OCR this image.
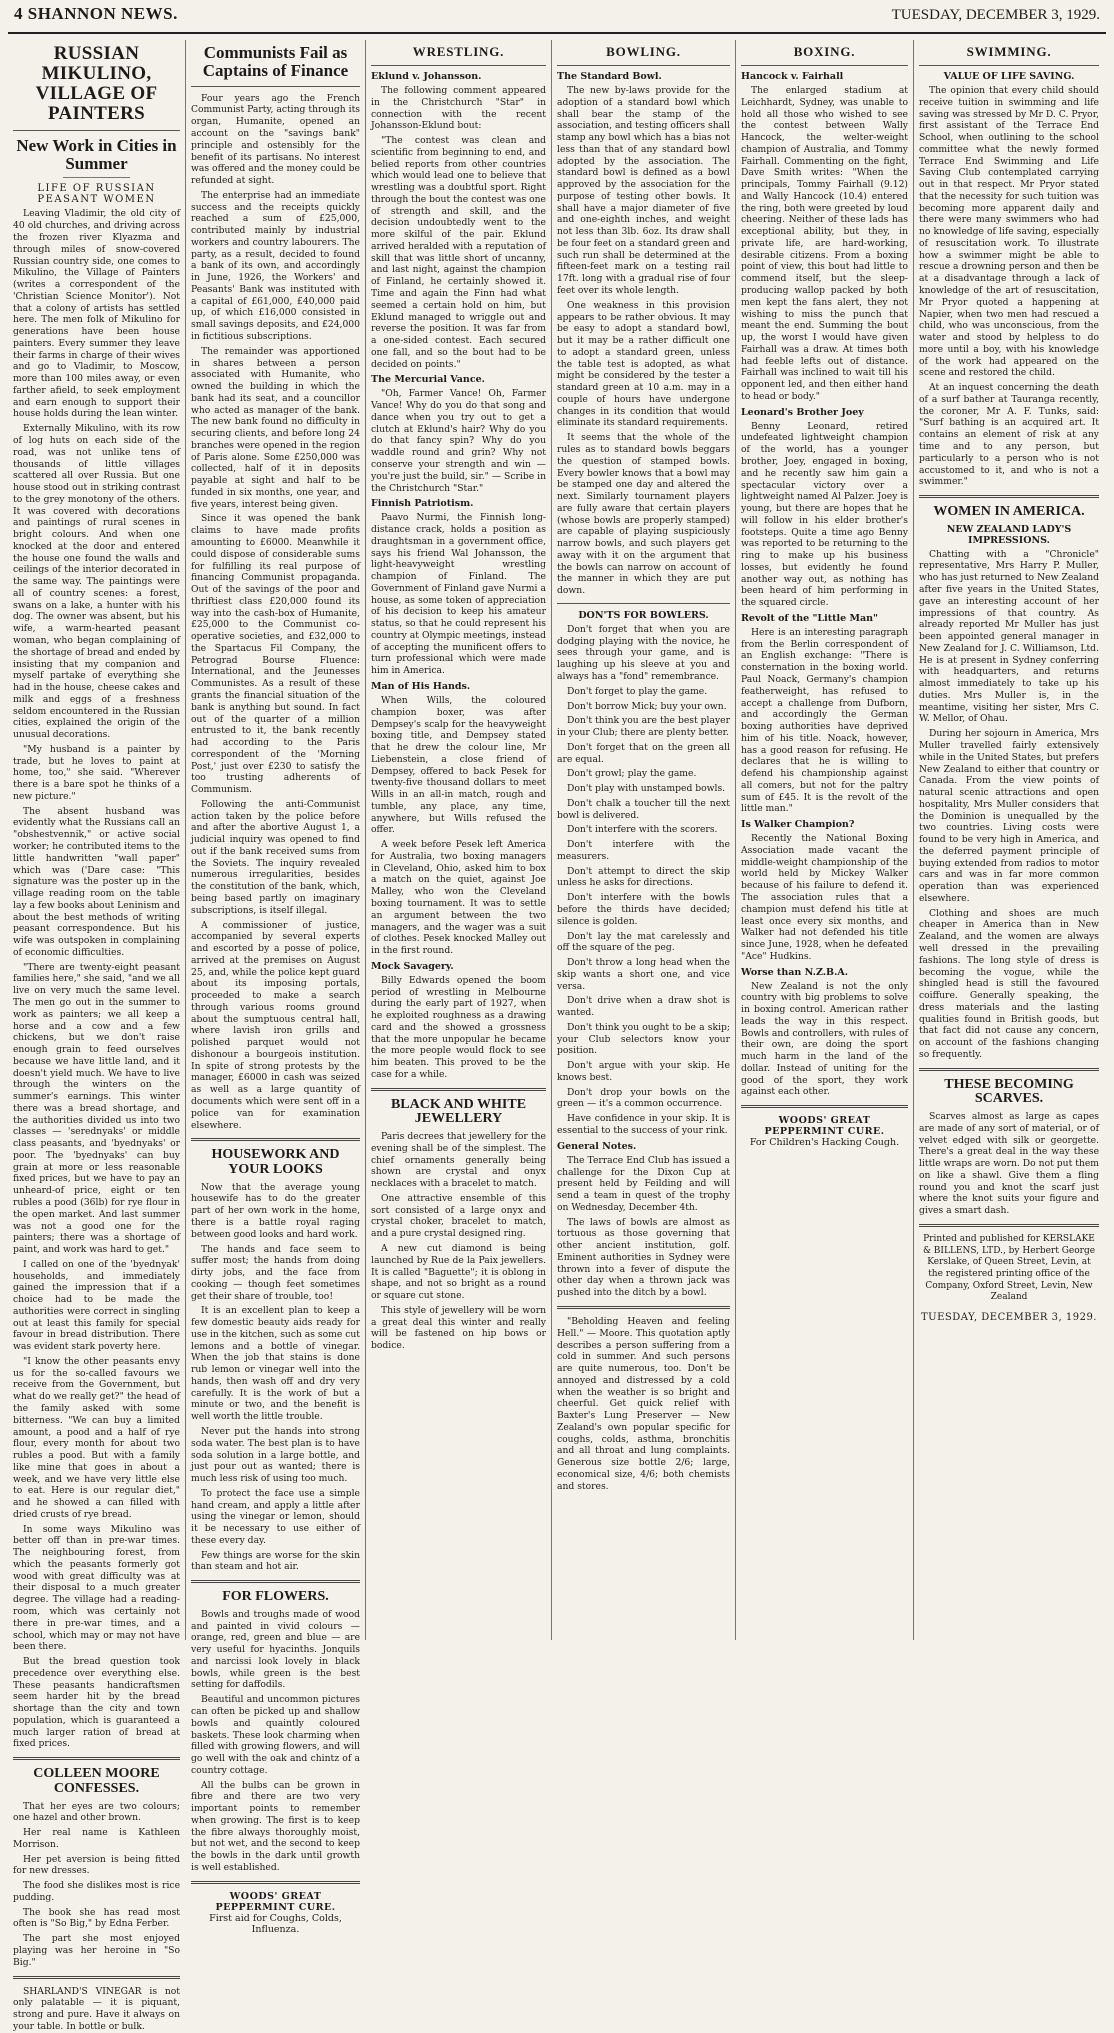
4 SHANNON NEWS.	TUESDAY, DECEMBER 3, 1929.
RUSSIAN MIKULINO, VILLAGE OF PAINTERS
New Work in Cities in Summer
LIFE OF RUSSIAN PEASANT WOMEN

Leaving Vladimir, the old city of 40 old churches, and driving across the frozen river Klyazma and through miles of snow-covered Russian country side, one comes to Mikulino, the Village of Painters (writes a correspondent of the 'Christian Science Monitor'). Not that a colony of artists has settled here. The men folk of Mikulino for generations have been house painters. Every summer they leave their farms in charge of their wives and go to Vladimir, to Moscow, more than 100 miles away, or even farther afield, to seek employment and earn enough to support their house holds during the lean winter.

Externally Mikulino, with its row of log huts on each side of the road, was not unlike tens of thousands of little villages scattered all over Russia. But one house stood out in striking contrast to the grey monotony of the others. It was covered with decorations and paintings of rural scenes in bright colours. And when one knocked at the door and entered the house one found the walls and ceilings of the interior decorated in the same way. The paintings were all of country scenes: a forest, swans on a lake, a hunter with his dog. The owner was absent, but his wife, a warm-hearted peasant woman, who began complaining of the shortage of bread and ended by insisting that my companion and myself partake of everything she had in the house, cheese cakes and milk and eggs of a freshness seldom encountered in the Russian cities, explained the origin of the unusual decorations.

"My husband is a painter by trade, but he loves to paint at home, too," she said. "Wherever there is a bare spot he thinks of a new picture."

The absent husband was evidently what the Russians call an "obshestvennik," or active social worker; he contributed items to the little handwritten "wall paper" which was ('Dare case: "This signature was the poster up in the village reading room on the table lay a few books about Leninism and about the best methods of writing peasant correspondence. But his wife was outspoken in complaining of economic difficulties.

"There are twenty-eight peasant families here," she said, "and we all live on very much the same level. The men go out in the summer to work as painters; we all keep a horse and a cow and a few chickens, but we don't raise enough grain to feed ourselves because we have little land, and it doesn't yield much. We have to live through the winters on the summer's earnings. This winter there was a bread shortage, and the authorities divided us into two classes — 'serednyaks' or middle class peasants, and 'byednyaks' or poor. The 'byednyaks' can buy grain at more or less reasonable fixed prices, but we have to pay an unheard-of price, eight or ten rubles a pood (36lb) for rye flour in the open market. And last summer was not a good one for the painters; there was a shortage of paint, and work was hard to get."

I called on one of the 'byednyak' households, and immediately gained the impression that if a choice had to be made the authorities were correct in singling out at least this family for special favour in bread distribution. There was evident stark poverty here.

"I know the other peasants envy us for the so-called favours we receive from the Government, but what do we really get?" the head of the family asked with some bitterness. "We can buy a limited amount, a pood and a half of rye flour, every month for about two rubles a pood. But with a family like mine that goes in about a week, and we have very little else to eat. Here is our regular diet," and he showed a can filled with dried crusts of rye bread.

In some ways Mikulino was better off than in pre-war times. The neighbouring forest, from which the peasants formerly got wood with great difficulty was at their disposal to a much greater degree. The village had a reading-room, which was certainly not there in pre-war times, and a school, which may or may not have been there.

But the bread question took precedence over everything else. These peasants handicraftsmen seem harder hit by the bread shortage than the city and town population, which is guaranteed a much larger ration of bread at fixed prices.

COLLEEN MOORE CONFESSES.

That her eyes are two colours; one hazel and other brown.

Her real name is Kathleen Morrison.

Her pet aversion is being fitted for new dresses.

The food she dislikes most is rice pudding.

The book she has read most often is "So Big," by Edna Ferber.

The part she most enjoyed playing was her heroine in "So Big."

SHARLAND'S VINEGAR is not only palatable — it is piquant, strong and pure. Have it always on your table. In bottle or bulk.

Communists Fail as Captains of Finance

Four years ago the French Communist Party, acting through its organ, Humanite, opened an account on the "savings bank" principle and ostensibly for the benefit of its partisans. No interest was offered and the money could be refunded at sight.

The enterprise had an immediate success and the receipts quickly reached a sum of £25,000, contributed mainly by industrial workers and country labourers. The party, as a result, decided to found a bank of its own, and accordingly in June, 1926, the Workers' and Peasants' Bank was instituted with a capital of £61,000, £40,000 paid up, of which £16,000 consisted in small savings deposits, and £24,000 in fictitious subscriptions.

The remainder was apportioned in shares between a person associated with Humanite, who owned the building in which the bank had its seat, and a councillor who acted as manager of the bank. The new bank found no difficulty in securing clients, and before long 24 branches were opened in the region of Paris alone. Some £250,000 was collected, half of it in deposits payable at sight and half to be funded in six months, one year, and five years, interest being given.

Since it was opened the bank claims to have made profits amounting to £6000. Meanwhile it could dispose of considerable sums for fulfilling its real purpose of financing Communist propaganda. Out of the savings of the poor and thriftiest class £20,000 found its way into the cash-box of Humanite, £25,000 to the Communist co-operative societies, and £32,000 to the Spartacus Fil Company, the Petrograd Bourse Fluence: International, and the Jeunesses Communistes. As a result of these grants the financial situation of the bank is anything but sound. In fact out of the quarter of a million entrusted to it, the bank recently had according to the Paris correspondent of the 'Morning Post,' just over £230 to satisfy the too trusting adherents of Communism.

Following the anti-Communist action taken by the police before and after the abortive August 1, a judicial inquiry was opened to find out if the bank received sums from the Soviets. The inquiry revealed numerous irregularities, besides the constitution of the bank, which, being based partly on imaginary subscriptions, is itself illegal.

A commissioner of justice, accompanied by several experts and escorted by a posse of police, arrived at the premises on August 25, and, while the police kept guard about its imposing portals, proceeded to make a search through various rooms ground about the sumptuous central hall, where lavish iron grills and polished parquet would not dishonour a bourgeois institution. In spite of strong protests by the manager, £6000 in cash was seized as well as a large quantity of documents which were sent off in a police van for examination elsewhere.

HOUSEWORK AND YOUR LOOKS

Now that the average young housewife has to do the greater part of her own work in the home, there is a battle royal raging between good looks and hard work.

The hands and face seem to suffer most; the hands from doing dirty jobs, and the face from cooking — though feet sometimes get their share of trouble, too!

It is an excellent plan to keep a few domestic beauty aids ready for use in the kitchen, such as some cut lemons and a bottle of vinegar. When the job that stains is done rub lemon or vinegar well into the hands, then wash off and dry very carefully. It is the work of but a minute or two, and the benefit is well worth the little trouble.

Never put the hands into strong soda water. The best plan is to have soda solution in a large bottle, and just pour out as wanted; there is much less risk of using too much.

To protect the face use a simple hand cream, and apply a little after using the vinegar or lemon, should it be necessary to use either of these every day.

Few things are worse for the skin than steam and hot air.

FOR FLOWERS.

Bowls and troughs made of wood and painted in vivid colours — orange, red, green and blue — are very useful for hyacinths. Jonquils and narcissi look lovely in black bowls, while green is the best setting for daffodils.

Beautiful and uncommon pictures can often be picked up and shallow bowls and quaintly coloured baskets. These look charming when filled with growing flowers, and will go well with the oak and chintz of a country cottage.

All the bulbs can be grown in fibre and there are two very important points to remember when growing. The first is to keep the fibre always thoroughly moist, but not wet, and the second to keep the bowls in the dark until growth is well established.

WOODS' GREAT PEPPERMINT CURE.
First aid for Coughs, Colds, Influenza.
WRESTLING.
Eklund v. Johansson.

The following comment appeared in the Christchurch "Star" in connection with the recent Johansson-Eklund bout:

"The contest was clean and scientific from beginning to end, and belied reports from other countries which would lead one to believe that wrestling was a doubtful sport. Right through the bout the contest was one of strength and skill, and the decision undoubtedly went to the more skilful of the pair. Eklund arrived heralded with a reputation of skill that was little short of uncanny, and last night, against the champion of Finland, he certainly showed it. Time and again the Finn had what seemed a certain hold on him, but Eklund managed to wriggle out and reverse the position. It was far from a one-sided contest. Each secured one fall, and so the bout had to be decided on points."

The Mercurial Vance.

"Oh, Farmer Vance! Oh, Farmer Vance! Why do you do that song and dance when you try out to get a clutch at Eklund's hair? Why do you do that fancy spin? Why do you waddle round and grin? Why not conserve your strength and win — you're just the build, sir." — Scribe in the Christchurch "Star."

Finnish Patriotism.

Paavo Nurmi, the Finnish long-distance crack, holds a position as draughtsman in a government office, says his friend Wal Johansson, the light-heavyweight wrestling champion of Finland. The Government of Finland gave Nurmi a house, as some token of appreciation of his decision to keep his amateur status, so that he could represent his country at Olympic meetings, instead of accepting the munificent offers to turn professional which were made him in America.

Man of His Hands.

When Wills, the coloured champion boxer, was after Dempsey's scalp for the heavyweight boxing title, and Dempsey stated that he drew the colour line, Mr Liebenstein, a close friend of Dempsey, offered to back Pesek for twenty-five thousand dollars to meet Wills in an all-in match, rough and tumble, any place, any time, anywhere, but Wills refused the offer.

A week before Pesek left America for Australia, two boxing managers in Cleveland, Ohio, asked him to box a match on the quiet, against Joe Malley, who won the Cleveland boxing tournament. It was to settle an argument between the two managers, and the wager was a suit of clothes. Pesek knocked Malley out in the first round.

Mock Savagery.

Billy Edwards opened the boom period of wrestling in Melbourne during the early part of 1927, when he exploited roughness as a drawing card and the showed a grossness that the more unpopular he became the more people would flock to see him beaten. This proved to be the case for a while.

BLACK AND WHITE JEWELLERY

Paris decrees that jewellery for the evening shall be of the simplest. The chief ornaments generally being shown are crystal and onyx necklaces with a bracelet to match.

One attractive ensemble of this sort consisted of a large onyx and crystal choker, bracelet to match, and a pure crystal designed ring.

A new cut diamond is being launched by Rue de la Paix jewellers. It is called "Baguette"; it is oblong in shape, and not so bright as a round or square cut stone.

This style of jewellery will be worn a great deal this winter and really will be fastened on hip bows or bodice.

BOWLING.
The Standard Bowl.

The new by-laws provide for the adoption of a standard bowl which shall bear the stamp of the association, and testing officers shall stamp any bowl which has a bias not less than that of any standard bowl adopted by the association. The standard bowl is defined as a bowl approved by the association for the purpose of testing other bowls. It shall have a major diameter of five and one-eighth inches, and weight not less than 3lb. 6oz. Its draw shall be four feet on a standard green and such run shall be determined at the fifteen-feet mark on a testing rail 17ft. long with a gradual rise of four feet over its whole length.

One weakness in this provision appears to be rather obvious. It may be easy to adopt a standard bowl, but it may be a rather difficult one to adopt a standard green, unless the table test is adopted, as what might be considered by the tester a standard green at 10 a.m. may in a couple of hours have undergone changes in its condition that would eliminate its standard requirements.

It seems that the whole of the rules as to standard bowls beggars the question of stamped bowls. Every bowler knows that a bowl may be stamped one day and altered the next. Similarly tournament players are fully aware that certain players (whose bowls are properly stamped) are capable of playing suspiciously narrow bowls, and such players get away with it on the argument that the bowls can narrow on account of the manner in which they are put down.

DON'TS FOR BOWLERS.

Don't forget that when you are dodging playing with the novice, he sees through your game, and is laughing up his sleeve at you and always has a "fond" remembrance.

Don't forget to play the game.

Don't borrow Mick; buy your own.

Don't think you are the best player in your Club; there are plenty better.

Don't forget that on the green all are equal.

Don't growl; play the game.

Don't play with unstamped bowls.

Don't chalk a toucher till the next bowl is delivered.

Don't interfere with the scorers.

Don't interfere with the measurers.

Don't attempt to direct the skip unless he asks for directions.

Don't interfere with the bowls before the thirds have decided; silence is golden.

Don't lay the mat carelessly and off the square of the peg.

Don't throw a long head when the skip wants a short one, and vice versa.

Don't drive when a draw shot is wanted.

Don't think you ought to be a skip; your Club selectors know your position.

Don't argue with your skip. He knows best.

Don't drop your bowls on the green — it's a common occurrence.

Have confidence in your skip. It is essential to the success of your rink.

General Notes.

The Terrace End Club has issued a challenge for the Dixon Cup at present held by Feilding and will send a team in quest of the trophy on Wednesday, December 4th.

The laws of bowls are almost as tortuous as those governing that other ancient institution, golf. Eminent authorities in Sydney were thrown into a fever of dispute the other day when a thrown jack was pushed into the ditch by a bowl.

"Beholding Heaven and feeling Hell." — Moore. This quotation aptly describes a person suffering from a cold in summer. And such persons are quite numerous, too. Don't be annoyed and distressed by a cold when the weather is so bright and cheerful. Get quick relief with Baxter's Lung Preserver — New Zealand's own popular specific for coughs, colds, asthma, bronchitis and all throat and lung complaints. Generous size bottle 2/6; large, economical size, 4/6; both chemists and stores.

BOXING.
Hancock v. Fairhall

The enlarged stadium at Leichhardt, Sydney, was unable to hold all those who wished to see the contest between Wally Hancock, the welter-weight champion of Australia, and Tommy Fairhall. Commenting on the fight, Dave Smith writes: "When the principals, Tommy Fairhall (9.12) and Wally Hancock (10.4) entered the ring, both were greeted by loud cheering. Neither of these lads has exceptional ability, but they, in private life, are hard-working, desirable citizens. From a boxing point of view, this bout had little to commend itself, but the sleep-producing wallop packed by both men kept the fans alert, they not wishing to miss the punch that meant the end. Summing the bout up, the worst I would have given Fairhall was a draw. At times both had feeble lefts out of distance. Fairhall was inclined to wait till his opponent led, and then either hand to head or body."

Leonard's Brother Joey

Benny Leonard, retired undefeated lightweight champion of the world, has a younger brother, Joey, engaged in boxing, and he recently saw him gain a spectacular victory over a lightweight named Al Palzer. Joey is young, but there are hopes that he will follow in his elder brother's footsteps. Quite a time ago Benny was reported to be returning to the ring to make up his business losses, but evidently he found another way out, as nothing has been heard of him performing in the squared circle.

Revolt of the "Little Man"

Here is an interesting paragraph from the Berlin correspondent of an English exchange: "There is consternation in the boxing world. Paul Noack, Germany's champion featherweight, has refused to accept a challenge from Dufborn, and accordingly the German boxing authorities have deprived him of his title. Noack, however, has a good reason for refusing. He declares that he is willing to defend his championship against all comers, but not for the paltry sum of £45. It is the revolt of the little man."

Is Walker Champion?

Recently the National Boxing Association made vacant the middle-weight championship of the world held by Mickey Walker because of his failure to defend it. The association rules that a champion must defend his title at least once every six months, and Walker had not defended his title since June, 1928, when he defeated "Ace" Hudkins.

Worse than N.Z.B.A.

New Zealand is not the only country with big problems to solve in boxing control. American rather leads the way in this respect. Bowls and controllers, with rules of their own, are doing the sport much harm in the land of the dollar. Instead of uniting for the good of the sport, they work against each other.

WOODS' GREAT PEPPERMINT CURE.
For Children's Hacking Cough.
SWIMMING.
VALUE OF LIFE SAVING.

The opinion that every child should receive tuition in swimming and life saving was stressed by Mr D. C. Pryor, first assistant of the Terrace End School, when outlining to the school committee what the newly formed Terrace End Swimming and Life Saving Club contemplated carrying out in that respect. Mr Pryor stated that the necessity for such tuition was becoming more apparent daily and there were many swimmers who had no knowledge of life saving, especially of resuscitation work. To illustrate how a swimmer might be able to rescue a drowning person and then be at a disadvantage through a lack of knowledge of the art of resuscitation, Mr Pryor quoted a happening at Napier, when two men had rescued a child, who was unconscious, from the water and stood by helpless to do more until a boy, with his knowledge of the work had appeared on the scene and restored the child.

At an inquest concerning the death of a surf bather at Tauranga recently, the coroner, Mr A. F. Tunks, said: "Surf bathing is an acquired art. It contains an element of risk at any time and to any person, but particularly to a person who is not accustomed to it, and who is not a swimmer."

WOMEN IN AMERICA.
NEW ZEALAND LADY'S IMPRESSIONS.

Chatting with a "Chronicle" representative, Mrs Harry P. Muller, who has just returned to New Zealand after five years in the United States, gave an interesting account of her impressions of that country. As already reported Mr Muller has just been appointed general manager in New Zealand for J. C. Williamson, Ltd. He is at present in Sydney conferring with headquarters, and returns almost immediately to take up his duties. Mrs Muller is, in the meantime, visiting her sister, Mrs C. W. Mellor, of Ohau.

During her sojourn in America, Mrs Muller travelled fairly extensively while in the United States, but prefers New Zealand to either that country or Canada. From the view points of natural scenic attractions and open hospitality, Mrs Muller considers that the Dominion is unequalled by the two countries. Living costs were found to be very high in America, and the deferred payment principle of buying extended from radios to motor cars and was in far more common operation than was experienced elsewhere.

Clothing and shoes are much cheaper in America than in New Zealand, and the women are always well dressed in the prevailing fashions. The long style of dress is becoming the vogue, while the shingled head is still the favoured coiffure. Generally speaking, the dress materials and the lasting qualities found in British goods, but that fact did not cause any concern, on account of the fashions changing so frequently.

THESE BECOMING SCARVES.

Scarves almost as large as capes are made of any sort of material, or of velvet edged with silk or georgette. There's a great deal in the way these little wraps are worn. Do not put them on like a shawl. Give them a fling round you and knot the scarf just where the knot suits your figure and gives a smart dash.

Printed and published for KERSLAKE & BILLENS, LTD., by Herbert George Kerslake, of Queen Street, Levin, at the registered printing office of the Company, Oxford Street, Levin, New Zealand
TUESDAY, DECEMBER 3, 1929.
